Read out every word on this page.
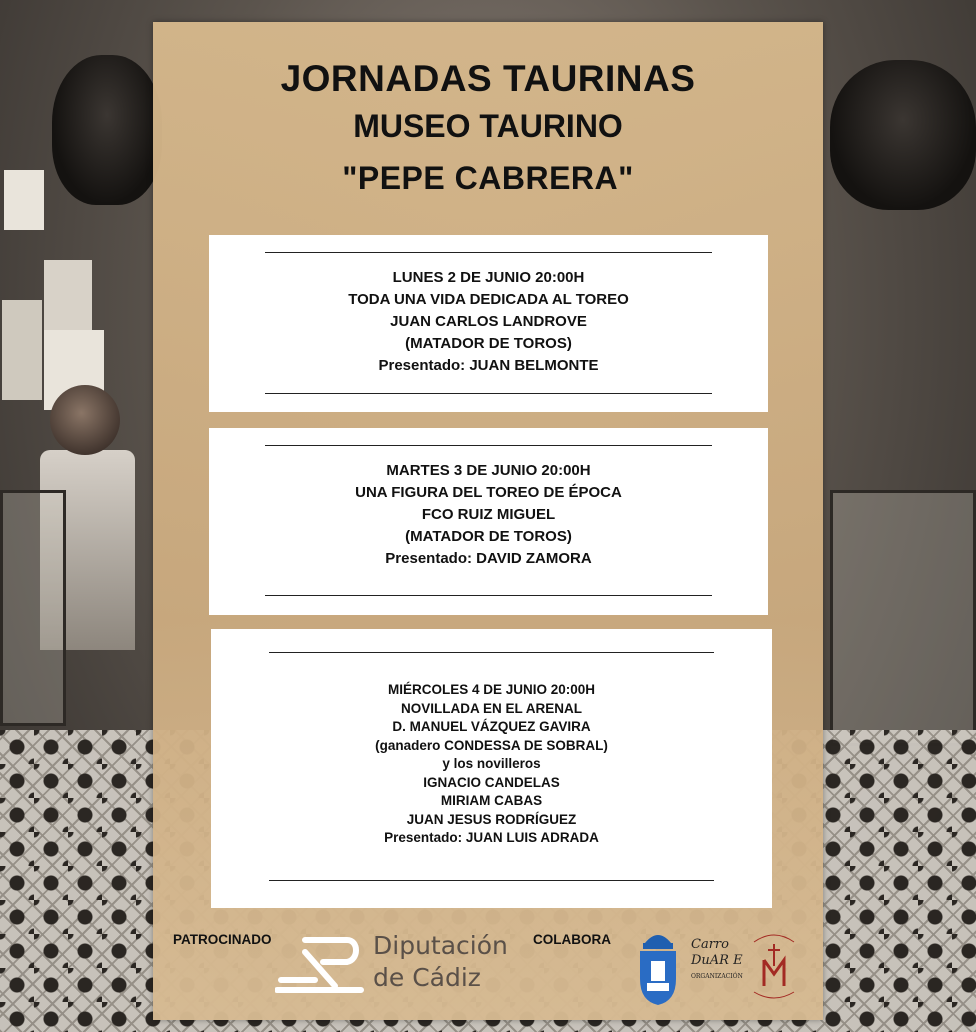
JORNADAS TAURINAS
MUSEO TAURINO
"PEPE CABRERA"
LUNES 2 DE JUNIO 20:00H
TODA UNA VIDA DEDICADA AL TOREO
JUAN CARLOS LANDROVE
(MATADOR DE TOROS)
Presentado: JUAN BELMONTE
MARTES 3 DE JUNIO 20:00H
UNA FIGURA DEL TOREO DE ÉPOCA
FCO RUIZ MIGUEL
(MATADOR DE TOROS)
Presentado: DAVID ZAMORA
MIÉRCOLES 4 DE JUNIO 20:00H
NOVILLADA EN EL ARENAL
D. MANUEL VÁZQUEZ GAVIRA
(ganadero CONDESSA DE SOBRAL)
y los novilleros
IGNACIO CANDELAS
MIRIAM CABAS
JUAN JESUS RODRÍGUEZ
Presentado: JUAN LUIS ADRADA
PATROCINADO	Diputación
de Cádiz
COLABORA	Carro
DuAR E
ORGANIZACIÓN
